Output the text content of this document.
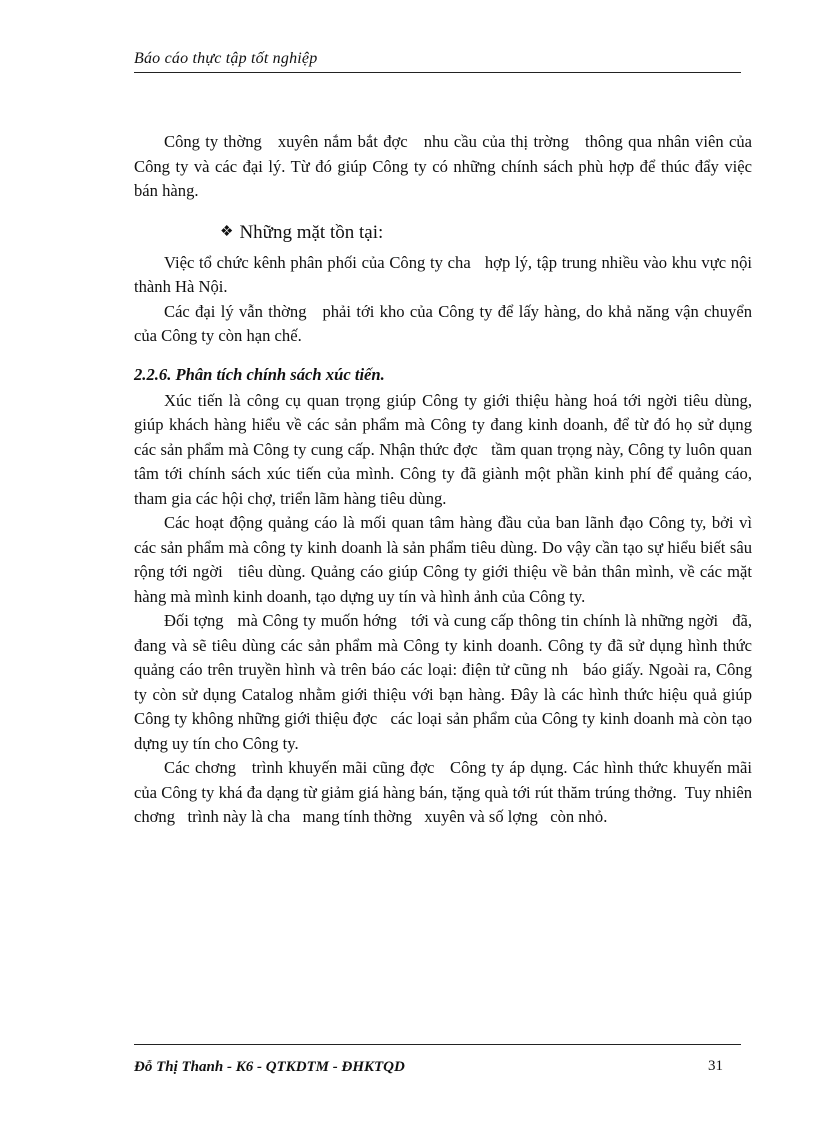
Báo cáo thực tập tốt nghiệp

Công ty thờng   xuyên nắm bắt đợc   nhu cầu của thị trờng   thông qua nhân viên của Công ty và các đại lý. Từ đó giúp Công ty có những chính sách phù hợp để thúc đẩy việc bán hàng.

❖ Những mặt tồn tại:

Việc tổ chức kênh phân phối của Công ty cha   hợp lý, tập trung nhiều vào khu vực nội thành Hà Nội.

Các đại lý vẫn thờng   phải tới kho của Công ty để lấy hàng, do khả năng vận chuyển của Công ty còn hạn chế.

2.2.6. Phân tích chính sách xúc tiến.

Xúc tiến là công cụ quan trọng giúp Công ty giới thiệu hàng hoá tới ngời tiêu dùng, giúp khách hàng hiểu về các sản phẩm mà Công ty đang kinh doanh, để từ đó họ sử dụng các sản phẩm mà Công ty cung cấp. Nhận thức đợc   tầm quan trọng này, Công ty luôn quan tâm tới chính sách xúc tiến của mình. Công ty đã giành một phần kinh phí để quảng cáo, tham gia các hội chợ, triển lãm hàng tiêu dùng.

Các hoạt động quảng cáo là mối quan tâm hàng đầu của ban lãnh đạo Công ty, bởi vì các sản phẩm mà công ty kinh doanh là sản phẩm tiêu dùng. Do vậy cần tạo sự hiểu biết sâu rộng tới ngời   tiêu dùng. Quảng cáo giúp Công ty giới thiệu về bản thân mình, về các mặt hàng mà mình kinh doanh, tạo dựng uy tín và hình ảnh của Công ty.

Đối tợng   mà Công ty muốn hớng   tới và cung cấp thông tin chính là những ngời   đã, đang và sẽ tiêu dùng các sản phẩm mà Công ty kinh doanh. Công ty đã sử dụng hình thức quảng cáo trên truyền hình và trên báo các loại: điện tử cũng nh   báo giấy. Ngoài ra, Công ty còn sử dụng Catalog nhằm giới thiệu với bạn hàng. Đây là các hình thức hiệu quả giúp Công ty không những giới thiệu đợc   các loại sản phẩm của Công ty kinh doanh mà còn tạo dựng uy tín cho Công ty.

Các chơng   trình khuyến mãi cũng đợc   Công ty áp dụng. Các hình thức khuyến mãi của Công ty khá đa dạng từ giảm giá hàng bán, tặng quà tới rút thăm trúng thởng.  Tuy nhiên chơng   trình này là cha   mang tính thờng   xuyên và số lợng   còn nhỏ.

Đỗ Thị Thanh - K6 - QTKDTM - ĐHKTQD	31
